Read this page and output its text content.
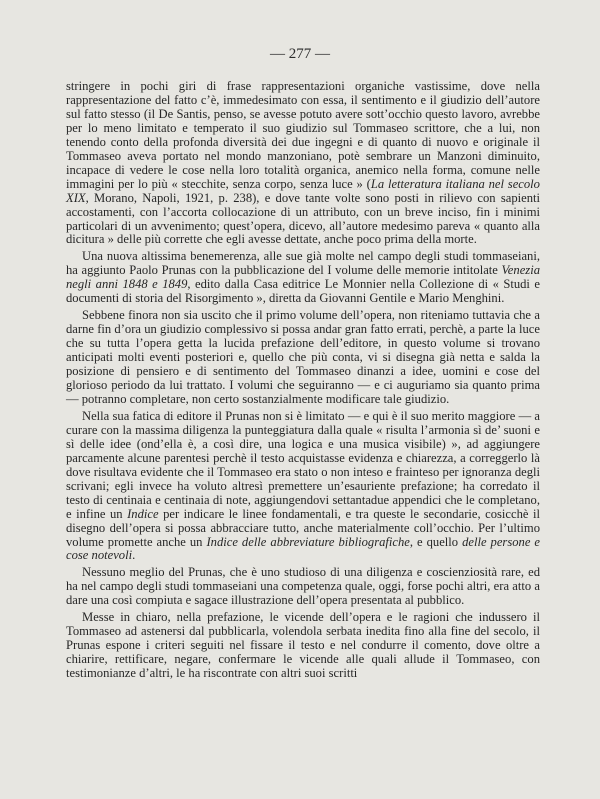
— 277 —

stringere in pochi giri di frase rappresentazioni organiche vastissime, dove nella rappresentazione del fatto c’è, immedesimato con essa, il sentimento e il giudizio dell’autore sul fatto stesso (il De Santis, penso, se avesse potuto avere sott’occhio questo lavoro, avrebbe per lo meno limitato e temperato il suo giudizio sul Tommaseo scrittore, che a lui, non tenendo conto della profonda diversità dei due ingegni e di quanto di nuovo e originale il Tommaseo aveva portato nel mondo manzoniano, potè sembrare un Manzoni diminuito, incapace di vedere le cose nella loro totalità organica, anemico nella forma, comune nelle immagini per lo più « stecchite, senza corpo, senza luce » (La letteratura italiana nel secolo XIX, Morano, Napoli, 1921, p. 238), e dove tante volte sono posti in rilievo con sapienti accostamenti, con l’accorta collocazione di un attributo, con un breve inciso, fin i minimi particolari di un avvenimento; quest’opera, dicevo, all’autore medesimo pareva « quanto alla dicitura » delle più corrette che egli avesse dettate, anche poco prima della morte.

Una nuova altissima benemerenza, alle sue già molte nel campo degli studi tommaseiani, ha aggiunto Paolo Prunas con la pubblicazione del I volume delle memorie intitolate Venezia negli anni 1848 e 1849, edito dalla Casa editrice Le Monnier nella Collezione di « Studi e documenti di storia del Risorgimento », diretta da Giovanni Gentile e Mario Menghini.

Sebbene finora non sia uscito che il primo volume dell’opera, non riteniamo tuttavia che a darne fin d’ora un giudizio complessivo si possa andar gran fatto errati, perchè, a parte la luce che su tutta l’opera getta la lucida prefazione dell’editore, in questo volume si trovano anticipati molti eventi posteriori e, quello che più conta, vi si disegna già netta e salda la posizione di pensiero e di sentimento del Tommaseo dinanzi a idee, uomini e cose del glorioso periodo da lui trattato. I volumi che seguiranno — e ci auguriamo sia quanto prima — potranno completare, non certo sostanzialmente modificare tale giudizio.

Nella sua fatica di editore il Prunas non si è limitato — e qui è il suo merito maggiore — a curare con la massima diligenza la punteggiatura dalla quale « risulta l’armonia sì de’ suoni e sì delle idee (ond’ella è, a così dire, una logica e una musica visibile) », ad aggiungere parcamente alcune parentesi perchè il testo acquistasse evidenza e chiarezza, a correggerlo là dove risultava evidente che il Tommaseo era stato o non inteso e frainteso per ignoranza degli scrivani; egli invece ha voluto altresì premettere un’esauriente prefazione; ha corredato il testo di centinaia e centinaia di note, aggiungendovi settantadue appendici che le completano, e infine un Indice per indicare le linee fondamentali, e tra queste le secondarie, cosicchè il disegno dell’opera si possa abbracciare tutto, anche materialmente coll’occhio. Per l’ultimo volume promette anche un Indice delle abbreviature bibliografiche, e quello delle persone e cose notevoli.

Nessuno meglio del Prunas, che è uno studioso di una diligenza e coscienziosità rare, ed ha nel campo degli studi tommaseiani una competenza quale, oggi, forse pochi altri, era atto a dare una così compiuta e sagace illustrazione dell’opera presentata al pubblico.

Messe in chiaro, nella prefazione, le vicende dell’opera e le ragioni che indussero il Tommaseo ad astenersi dal pubblicarla, volendola serbata inedita fino alla fine del secolo, il Prunas espone i criteri seguiti nel fissare il testo e nel condurre il comento, dove oltre a chiarire, rettificare, negare, confermare le vicende alle quali allude il Tommaseo, con testimonianze d’altri, le ha riscontrate con altri suoi scritti
